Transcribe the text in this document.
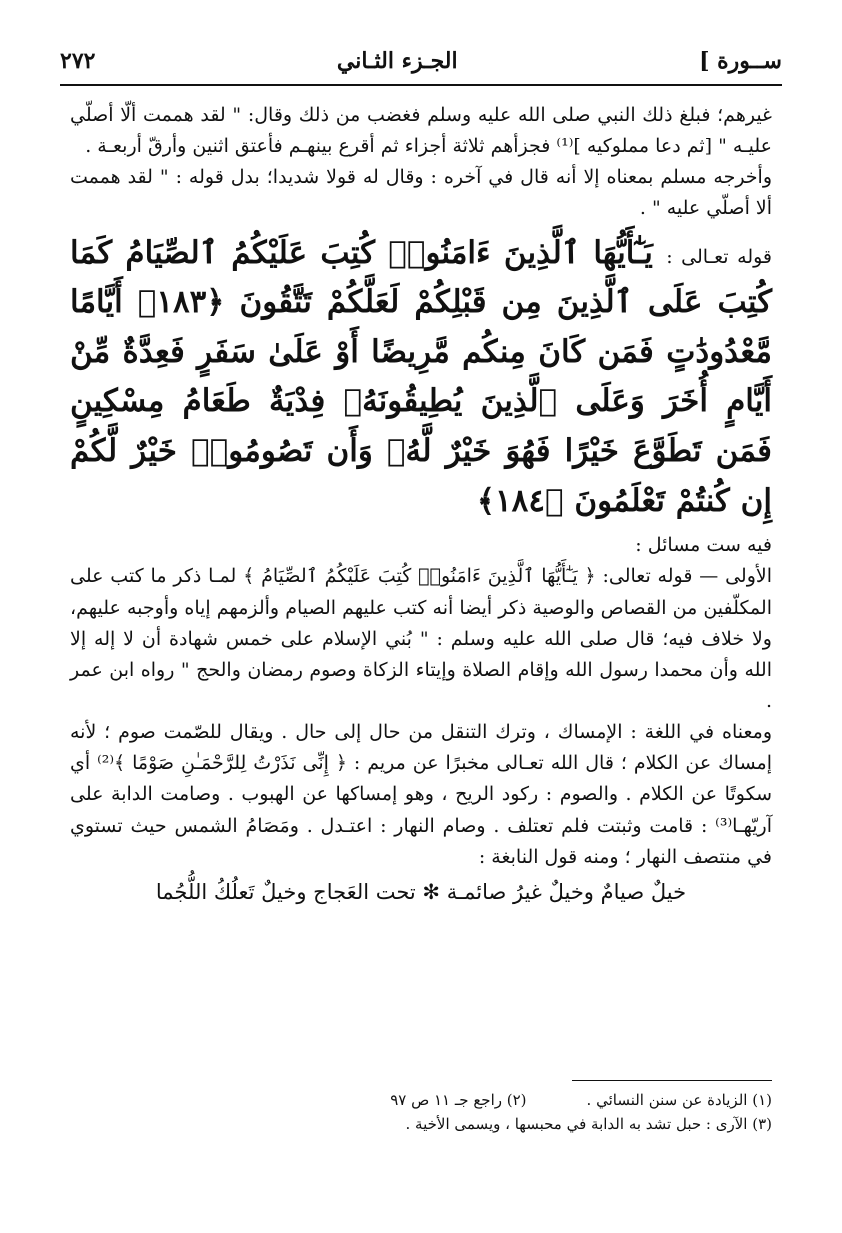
٢٧٢	الجـزء الثـاني	[ ســورة

غيرهم؛ فبلغ ذلك النبي صلى الله عليه وسلم فغضب من ذلك وقال: " لقد هممت ألّا أصلّي عليـه " [ثم دعا مملوكيه ]⁽¹⁾ فجزأهم ثلاثة أجزاء ثم أقرع بينهـم فأعتق اثنين وأرقّ أربعـة .

وأخرجه مسلم بمعناه إلا أنه قال في آخره : وقال له قولا شديدا؛ بدل قوله : " لقد هممت ألا أصلّي عليه " .

قوله تعـالى : يَـٰٓأَيُّهَا ٱلَّذِينَ ءَامَنُوا۟ كُتِبَ عَلَيْكُمُ ٱلصِّيَامُ كَمَا كُتِبَ عَلَى ٱلَّذِينَ مِن قَبْلِكُمْ لَعَلَّكُمْ تَتَّقُونَ ﴿١٨٣﴾ أَيَّامًا مَّعْدُودَٰتٍ فَمَن كَانَ مِنكُم مَّرِيضًا أَوْ عَلَىٰ سَفَرٍ فَعِدَّةٌ مِّنْ أَيَّامٍ أُخَرَ وَعَلَى ٱلَّذِينَ يُطِيقُونَهُۥ فِدْيَةٌ طَعَامُ مِسْكِينٍ فَمَن تَطَوَّعَ خَيْرًا فَهُوَ خَيْرٌ لَّهُۥ وَأَن تَصُومُوا۟ خَيْرٌ لَّكُمْ إِن كُنتُمْ تَعْلَمُونَ ﴿١٨٤﴾

فيه ست مسائل :

الأولى — قوله تعالى: ﴿ يَـٰٓأَيُّهَا ٱلَّذِينَ ءَامَنُوا۟ كُتِبَ عَلَيْكُمُ ٱلصِّيَامُ ﴾ لمـا ذكر ما كتب على المكلّفين من القصاص والوصية ذكر أيضا أنه كتب عليهم الصيام وألزمهم إياه وأوجبه عليهم، ولا خلاف فيه؛ قال صلى الله عليه وسلم : " بُني الإسلام على خمس شهادة أن لا إله إلا الله وأن محمدا رسول الله وإقام الصلاة وإيتاء الزكاة وصوم رمضان والحج " رواه ابن عمر .

ومعناه في اللغة : الإمساك ، وترك التنقل من حال إلى حال . ويقال للصّمت صوم ؛ لأنه إمساك عن الكلام ؛ قال الله تعـالى مخبرًا عن مريم : ﴿ إِنِّى نَذَرْتُ لِلرَّحْمَـٰنِ صَوْمًا ﴾⁽²⁾ أي سكوتًا عن الكلام . والصوم : ركود الريح ، وهو إمساكها عن الهبوب . وصامت الدابة على آريّهـا⁽³⁾ : قامت وثبتت فلم تعتلف . وصام النهار : اعتـدل . ومَصَامُ الشمس حيث تستوي في منتصف النهار ؛ ومنه قول النابغة :

خيلٌ صيامٌ وخيلٌ غيرُ صائمـة ✻ تحت العَجاج وخيلٌ تَعلُكُ اللُّجُما
(١) الزيادة عن سنن النسائي .
(٢) راجع جـ ١١ ص ٩٧
(٣) الآرى : حبل تشد به الدابة في محبسها ، ويسمى الأخية .
